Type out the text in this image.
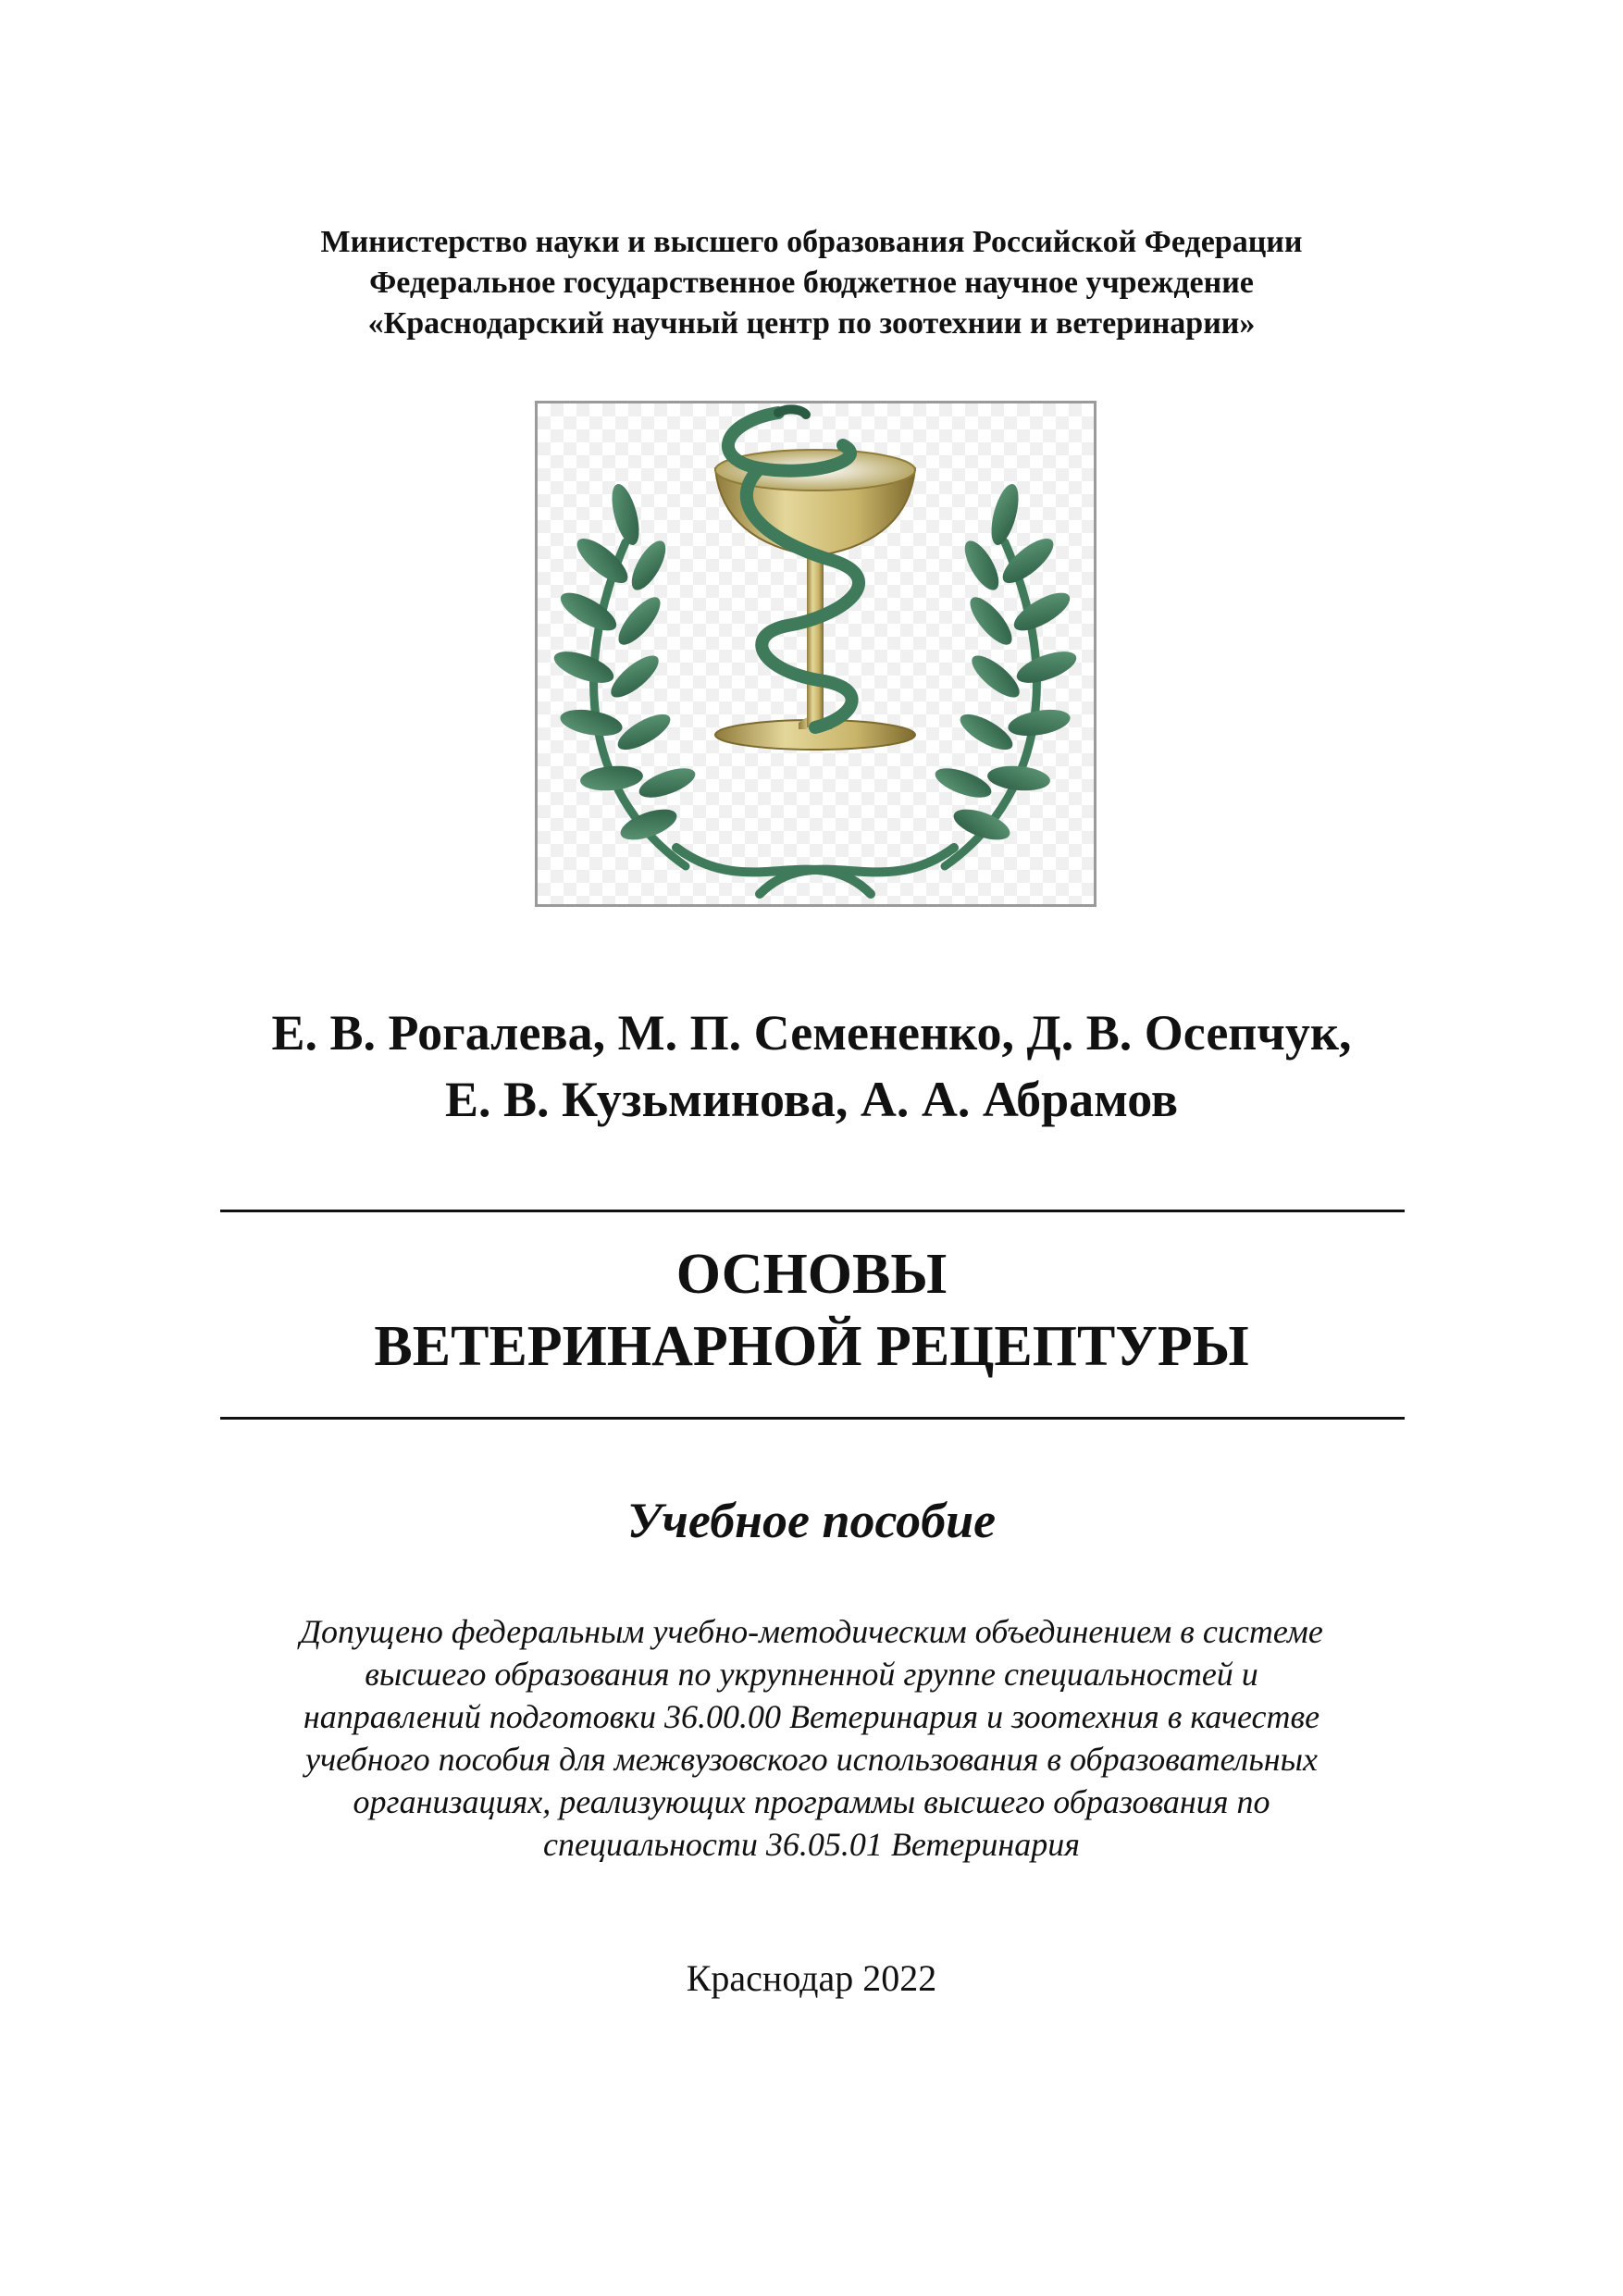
Министерство науки и высшего образования Российской Федерации
Федеральное государственное бюджетное научное учреждение
«Краснодарский научный центр по зоотехнии и ветеринарии»
Е. В. Рогалева, М. П. Семененко, Д. В. Осепчук,
Е. В. Кузьминова, А. А. Абрамов
ОСНОВЫ
ВЕТЕРИНАРНОЙ РЕЦЕПТУРЫ
Учебное пособие
Допущено федеральным учебно-методическим объединением в системе
высшего образования по укрупненной группе специальностей и
направлений подготовки 36.00.00 Ветеринария и зоотехния в качестве
учебного пособия для межвузовского использования в образовательных
организациях, реализующих программы высшего образования по
специальности 36.05.01 Ветеринария
Краснодар 2022
